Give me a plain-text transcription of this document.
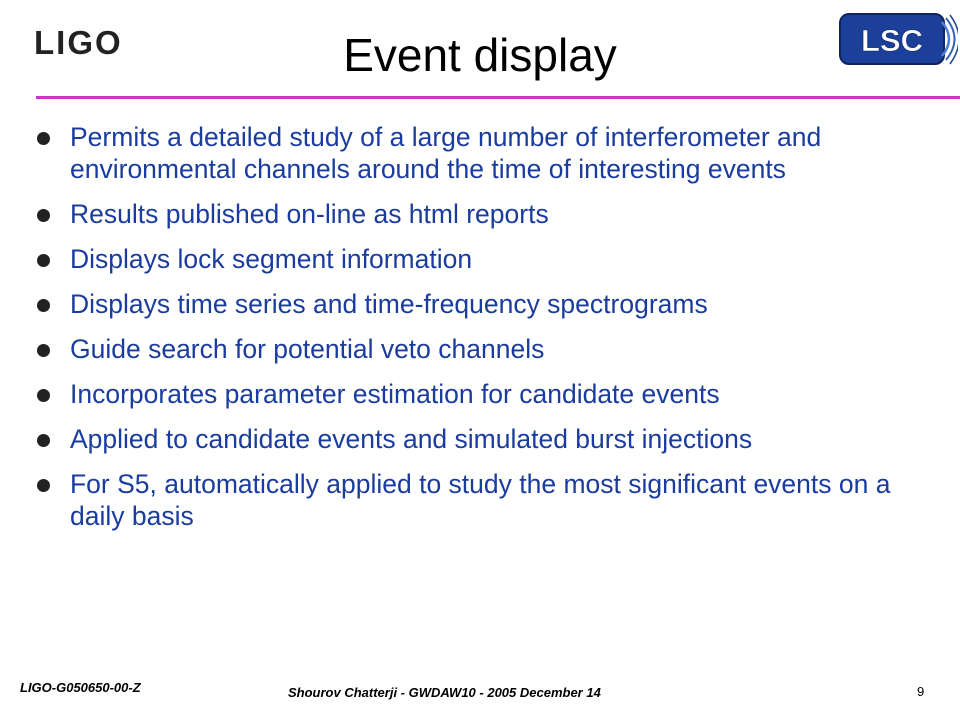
LIGO	LSC
Event display
Permits a detailed study of a large number of interferometer and environmental channels around the time of interesting events
Results published on-line as html reports
Displays lock segment information
Displays time series and time-frequency spectrograms
Guide search for potential veto channels
Incorporates parameter estimation for candidate events
Applied to candidate events and simulated burst injections
For S5, automatically applied to study the most significant events on a daily basis
LIGO-G050650-00-Z	Shourov Chatterji - GWDAW10 - 2005 December 14	9
